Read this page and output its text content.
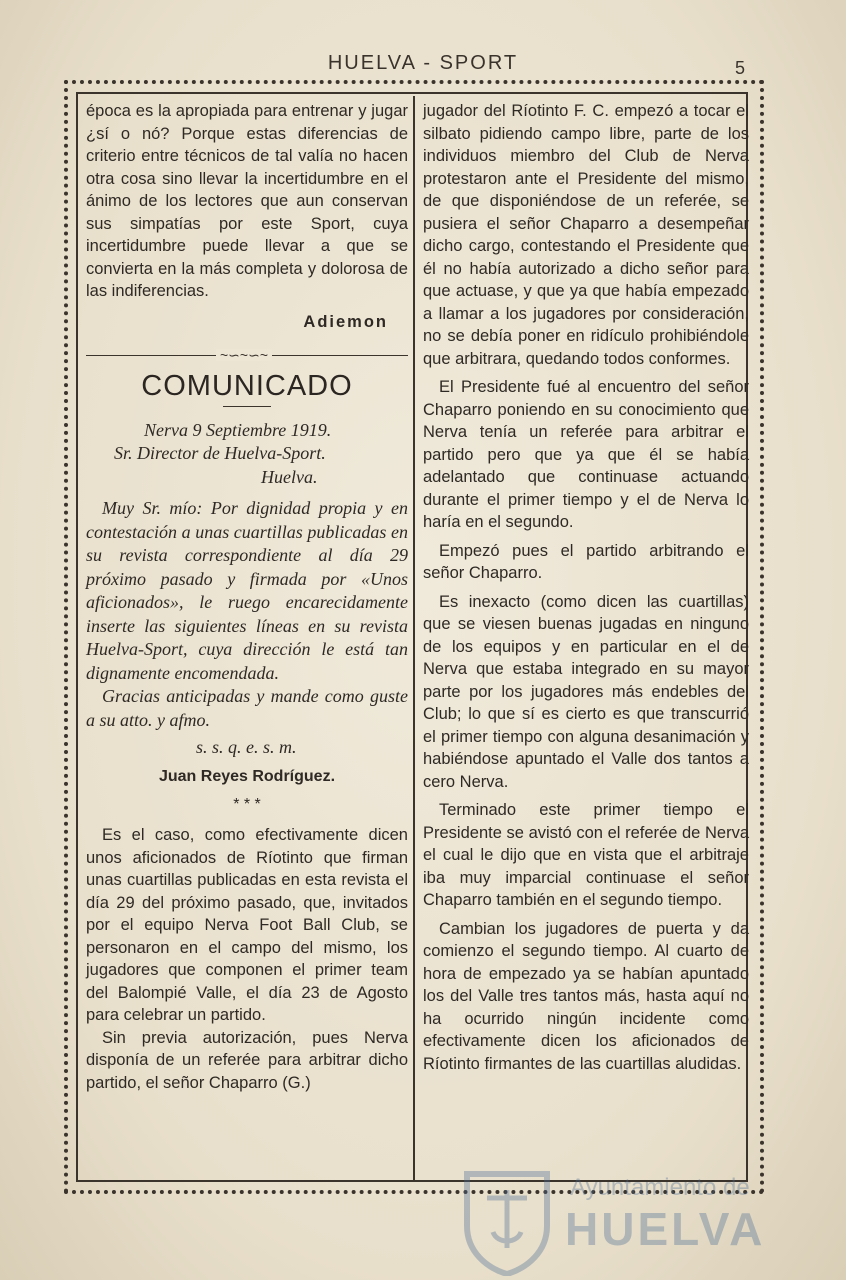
HUELVA - SPORT	5

época es la apropiada para entrenar y jugar ¿sí o nó? Porque estas diferencias de criterio entre técnicos de tal valía no hacen otra cosa sino llevar la incertidumbre en el ánimo de los lectores que aun conservan sus simpatías por este Sport, cuya incertidumbre puede llevar a que se convierta en la más completa y dolorosa de las indiferencias.

Adiemon

~∽~∽~
COMUNICADO

Nerva 9 Septiembre 1919.

Sr. Director de Huelva-Sport.

Huelva.

Muy Sr. mío: Por dignidad propia y en contestación a unas cuartillas publicadas en su revista correspondiente al día 29 próximo pasado y firmada por «Unos aficionados», le ruego encarecidamente inserte las siguientes líneas en su revista Huelva-Sport, cuya dirección le está tan dignamente encomendada.

Gracias anticipadas y mande como guste a su atto. y afmo.

s. s. q. e. s. m.

Juan Reyes Rodríguez.

* * *

Es el caso, como efectivamente dicen unos aficionados de Ríotinto que firman unas cuartillas publicadas en esta revista el día 29 del próximo pasado, que, invitados por el equipo Nerva Foot Ball Club, se personaron en el campo del mismo, los jugadores que componen el primer team del Balompié Valle, el día 23 de Agosto para celebrar un partido.

Sin previa autorización, pues Nerva disponía de un referée para arbitrar dicho partido, el señor Chaparro (G.)

jugador del Ríotinto F. C. empezó a tocar el silbato pidiendo campo libre, parte de los individuos miembro del Club de Nerva protestaron ante el Presidente del mismo, de que disponiéndose de un referée, se pusiera el señor Chaparro a desempeñar dicho cargo, contestando el Presidente que él no había autorizado a dicho señor para que actuase, y que ya que había empezado a llamar a los jugadores por consideración, no se debía poner en ridículo prohibiéndole que arbitrara, quedando todos conformes.

El Presidente fué al encuentro del señor Chaparro poniendo en su conocimiento que Nerva tenía un referée para arbitrar el partido pero que ya que él se había adelantado que continuase actuando durante el primer tiempo y el de Nerva lo haría en el segundo.

Empezó pues el partido arbitrando el señor Chaparro.

Es inexacto (como dicen las cuartillas) que se viesen buenas jugadas en ninguno de los equipos y en particular en el de Nerva que estaba integrado en su mayor parte por los jugadores más endebles del Club; lo que sí es cierto es que transcurrió el primer tiempo con alguna desanimación y habiéndose apuntado el Valle dos tantos a cero Nerva.

Terminado este primer tiempo el Presidente se avistó con el referée de Nerva el cual le dijo que en vista que el arbitraje iba muy imparcial continuase el señor Chaparro también en el segundo tiempo.

Cambian los jugadores de puerta y da comienzo el segundo tiempo. Al cuarto de hora de empezado ya se habían apuntado los del Valle tres tantos más, hasta aquí no ha ocurrido ningún incidente como efectivamente dicen los aficionados de Ríotinto firmantes de las cuartillas aludidas.

Ayuntamiento de
HUELVA
